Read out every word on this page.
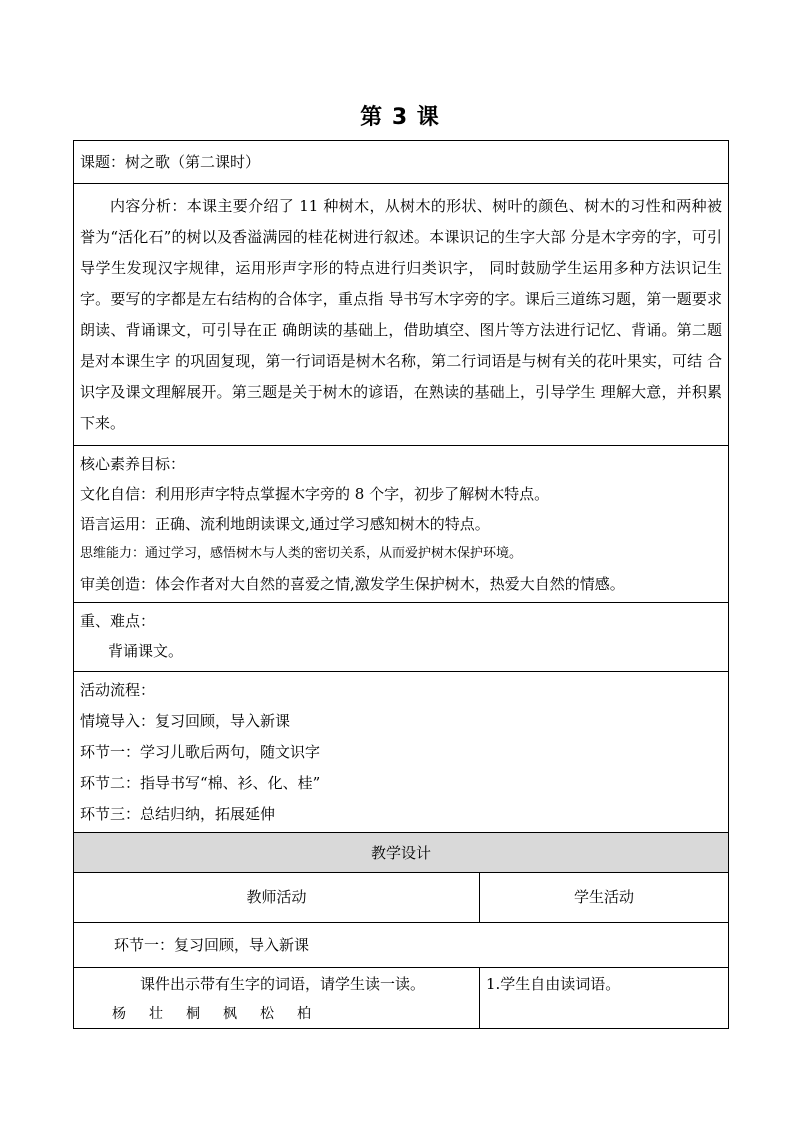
第 3 课
课题：树之歌（第二课时）
内容分析：本课主要介绍了 11 种树木，从树木的形状、树叶的颜色、树木的习性和两种被誉为“活化石”的树以及香溢满园的桂花树进行叙述。本课识记的生字大部 分是木字旁的字，可引导学生发现汉字规律，运用形声字形的特点进行归类识字， 同时鼓励学生运用多种方法识记生字。要写的字都是左右结构的合体字，重点指 导书写木字旁的字。课后三道练习题，第一题要求朗读、背诵课文，可引导在正 确朗读的基础上，借助填空、图片等方法进行记忆、背诵。第二题是对本课生字 的巩固复现，第一行词语是树木名称，第二行词语是与树有关的花叶果实，可结 合识字及课文理解展开。第三题是关于树木的谚语，在熟读的基础上，引导学生 理解大意，并积累下来。
核心素养目标：
文化自信：利用形声字特点掌握木字旁的 8 个字，初步了解树木特点。
语言运用：正确、流利地朗读课文,通过学习感知树木的特点。
思维能力：通过学习，感悟树木与人类的密切关系，从而爱护树木保护环境。
审美创造：体会作者对大自然的喜爱之情,激发学生保护树木，热爱大自然的情感。
重、难点：
背诵课文。
活动流程：
情境导入：复习回顾，导入新课
环节一：学习儿歌后两句，随文识字
环节二：指导书写“棉、衫、化、桂”
环节三：总结归纳，拓展延伸
教学设计
教师活动	学生活动
环节一：复习回顾，导入新课
课件出示带有生字的词语，请学生读一读。
杨 壮 桐 枫 松 柏
1.学生自由读词语。
